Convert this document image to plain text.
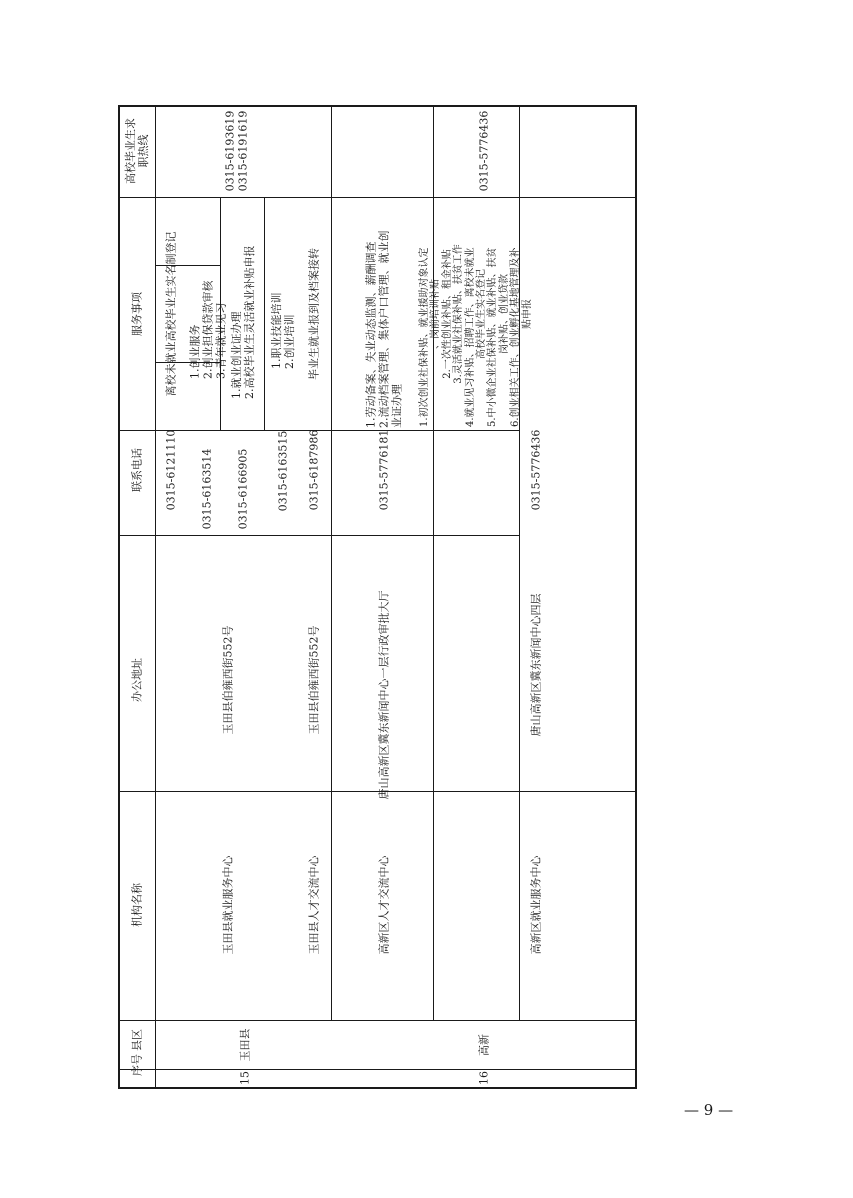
序号
县区
机构名称
办公地址
联系电话
服务事项
高校毕业生求职热线
15
玉田县
0315-6193619 0315-6191619
玉田县就业服务中心
玉田县伯雍西街552号
0315-6121110
离校未就业高校毕业生实名制登记
0315-6163514
1.创业服务 2.创业担保贷款审核 3.青年就业见习
0315-6166905
1.就业创业证办理 2.高校毕业生灵活就业补贴申报
0315-6163515
1.职业技能培训 2.创业培训
玉田县人才交流中心
玉田县伯雍西街552号
0315-6187986
毕业生就业报到及档案接转
16
高新
0315-5776436
高新区人才交流中心
唐山高新区冀东新闻中心一层行政审批大厅
0315-5776181
1.劳动备案、失业动态监测、薪酬调查 2.流动档案管理、集体户口管理、就业创 业证办理
高新区就业服务中心
唐山高新区冀东新闻中心四层
0315-5776436
1.初次创业社保补贴、就业援助对象认定 、岗前培训补贴 2.一次性创业补贴、租金补贴 3.灵活就业社保补贴、扶贫工作 4.就业见习补贴、招聘工作、离校未就业 高校毕业生实名登记 5.中小微企业社保补贴、就业补贴、扶贫 岗补贴、创业贷款 6.创业相关工作、创业孵化基地管理及补 贴申报
— 9 —
